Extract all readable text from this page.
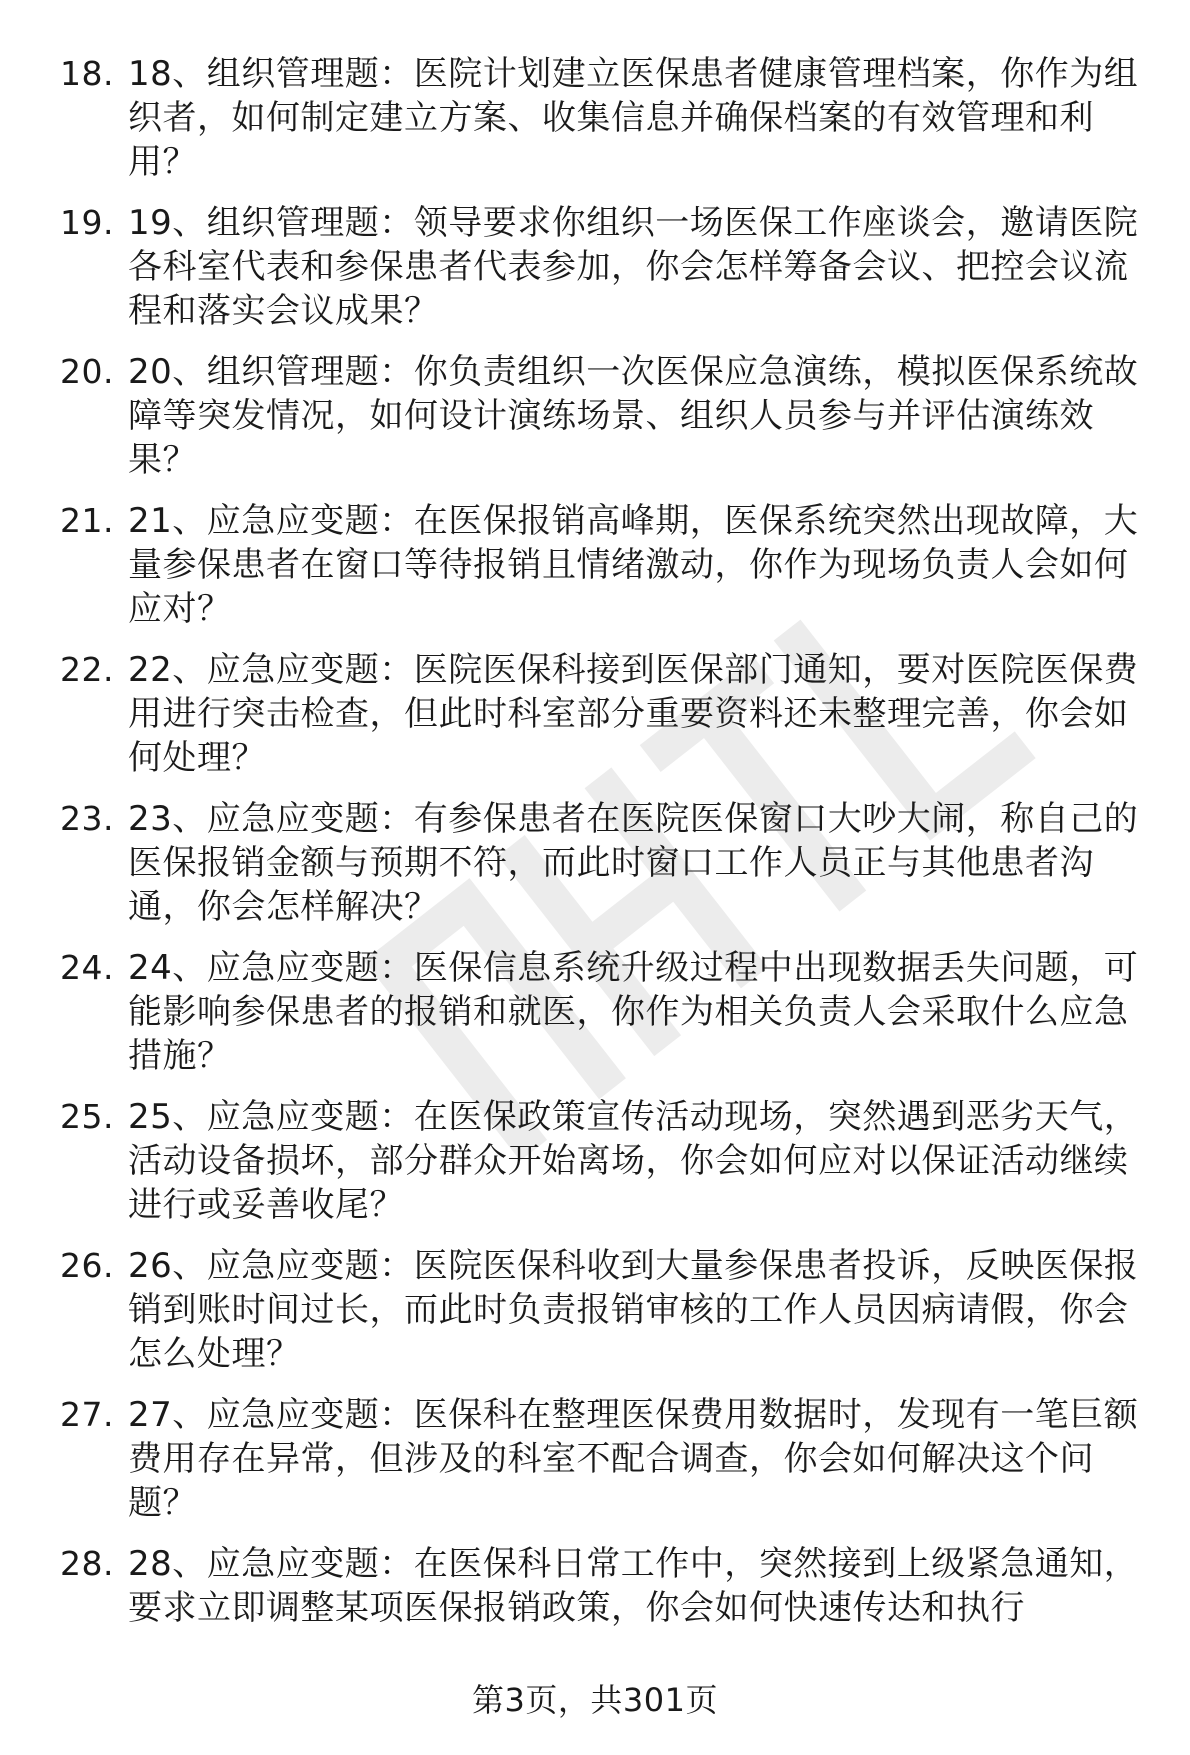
18. 18、组织管理题：医院计划建立医保患者健康管理档案，你作为组织者，如何制定建立方案、收集信息并确保档案的有效管理和利用？
19. 19、组织管理题：领导要求你组织一场医保工作座谈会，邀请医院各科室代表和参保患者代表参加，你会怎样筹备会议、把控会议流程和落实会议成果？
20. 20、组织管理题：你负责组织一次医保应急演练，模拟医保系统故障等突发情况，如何设计演练场景、组织人员参与并评估演练效果？
21. 21、应急应变题：在医保报销高峰期，医保系统突然出现故障，大量参保患者在窗口等待报销且情绪激动，你作为现场负责人会如何应对？
22. 22、应急应变题：医院医保科接到医保部门通知，要对医院医保费用进行突击检查，但此时科室部分重要资料还未整理完善，你会如何处理？
23. 23、应急应变题：有参保患者在医院医保窗口大吵大闹，称自己的医保报销金额与预期不符，而此时窗口工作人员正与其他患者沟通，你会怎样解决？
24. 24、应急应变题：医保信息系统升级过程中出现数据丢失问题，可能影响参保患者的报销和就医，你作为相关负责人会采取什么应急措施？
25. 25、应急应变题：在医保政策宣传活动现场，突然遇到恶劣天气，活动设备损坏，部分群众开始离场，你会如何应对以保证活动继续进行或妥善收尾？
26. 26、应急应变题：医院医保科收到大量参保患者投诉，反映医保报销到账时间过长，而此时负责报销审核的工作人员因病请假，你会怎么处理？
27. 27、应急应变题：医保科在整理医保费用数据时，发现有一笔巨额费用存在异常，但涉及的科室不配合调查，你会如何解决这个问题？
28. 28、应急应变题：在医保科日常工作中，突然接到上级紧急通知，要求立即调整某项医保报销政策，你会如何快速传达和执行
第3页，共301页
